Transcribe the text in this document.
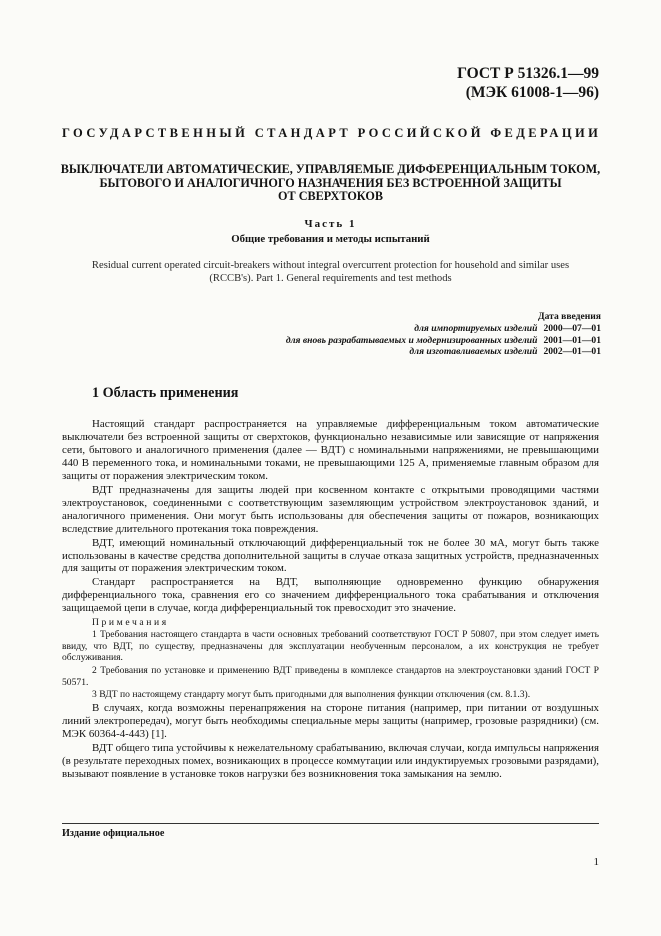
ГОСТ Р 51326.1—99
(МЭК 61008-1—96)
ГОСУДАРСТВЕННЫЙ СТАНДАРТ РОССИЙСКОЙ ФЕДЕРАЦИИ
ВЫКЛЮЧАТЕЛИ АВТОМАТИЧЕСКИЕ, УПРАВЛЯЕМЫЕ ДИФФЕРЕНЦИАЛЬНЫМ ТОКОМ,
БЫТОВОГО И АНАЛОГИЧНОГО НАЗНАЧЕНИЯ БЕЗ ВСТРОЕННОЙ ЗАЩИТЫ
ОТ СВЕРХТОКОВ
Часть 1
Общие требования и методы испытаний
Residual current operated circuit-breakers without integral overcurrent protection for household and similar uses
(RCCB's). Part 1. General requirements and test methods
Дата введения
для импортируемых изделий 2000—07—01
для вновь разрабатываемых и модернизированных изделий 2001—01—01
для изготавливаемых изделий 2002—01—01
1 Область применения

Настоящий стандарт распространяется на управляемые дифференциальным током автоматические выключатели без встроенной защиты от сверхтоков, функционально независимые или зависящие от напряжения сети, бытового и аналогичного применения (далее — ВДТ) с номинальными напряжениями, не превышающими 440 В переменного тока, и номинальными токами, не превышающими 125 А, применяемые главным образом для защиты от поражения электрическим током.

ВДТ предназначены для защиты людей при косвенном контакте с открытыми проводящими частями электроустановок, соединенными с соответствующим заземляющим устройством электроустановок зданий, и аналогичного применения. Они могут быть использованы для обеспечения защиты от пожаров, возникающих вследствие длительного протекания тока повреждения.

ВДТ, имеющий номинальный отключающий дифференциальный ток не более 30 мА, могут быть также использованы в качестве средства дополнительной защиты в случае отказа защитных устройств, предназначенных для защиты от поражения электрическим током.

Стандарт распространяется на ВДТ, выполняющие одновременно функцию обнаружения дифференциального тока, сравнения его со значением дифференциального тока срабатывания и отключения защищаемой цепи в случае, когда дифференциальный ток превосходит это значение.

Примечания

1 Требования настоящего стандарта в части основных требований соответствуют ГОСТ Р 50807, при этом следует иметь ввиду, что ВДТ, по существу, предназначены для эксплуатации необученным персоналом, а их конструкция не требует обслуживания.

2 Требования по установке и применению ВДТ приведены в комплексе стандартов на электроустановки зданий ГОСТ Р 50571.

3 ВДТ по настоящему стандарту могут быть пригодными для выполнения функции отключения (см. 8.1.3).

В случаях, когда возможны перенапряжения на стороне питания (например, при питании от воздушных линий электропередач), могут быть необходимы специальные меры защиты (например, грозовые разрядники) (см. МЭК 60364-4-443) [1].

ВДТ общего типа устойчивы к нежелательному срабатыванию, включая случаи, когда импульсы напряжения (в результате переходных помех, возникающих в процессе коммутации или индуктируемых грозовыми разрядами), вызывают появление в установке токов нагрузки без возникновения тока замыкания на землю.

Издание официальное
1
